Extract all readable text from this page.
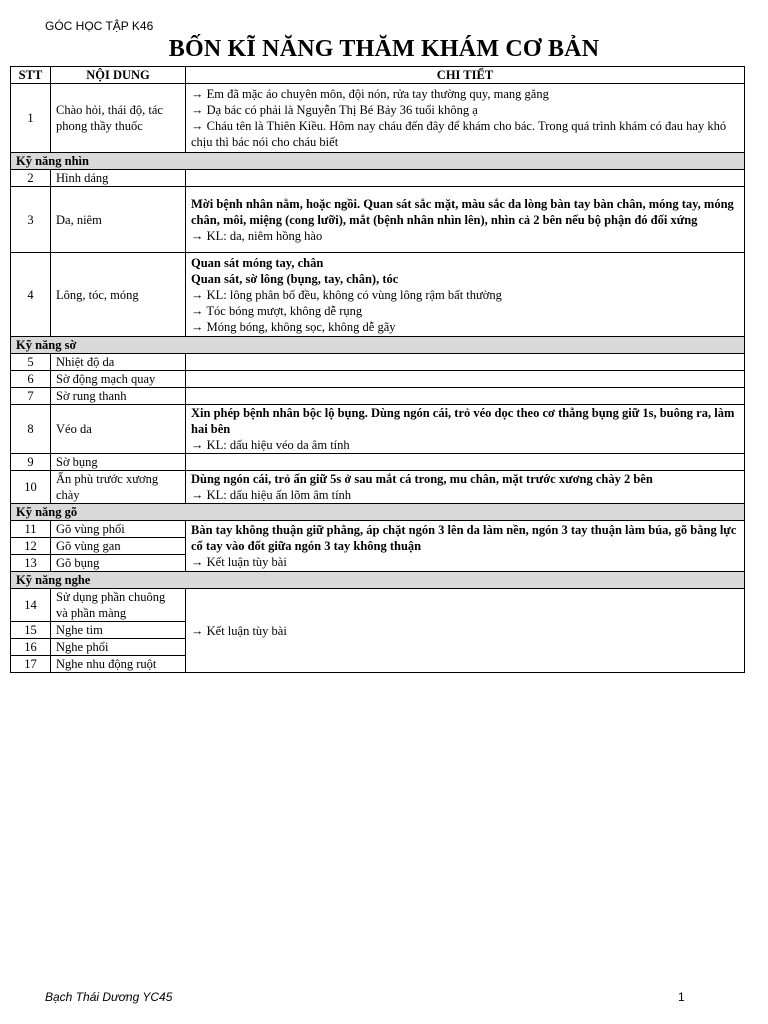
GÓC HỌC TẬP K46
BỐN KĨ NĂNG THĂM KHÁM CƠ BẢN
STT	NỘI DUNG	CHI TIẾT
1	Chào hỏi, thái độ, tác phong thầy thuốc	→ Em đã mặc áo chuyên môn, đội nón, rửa tay thường quy, mang găng
→ Dạ bác có phải là Nguyễn Thị Bé Bảy 36 tuổi không ạ
→ Cháu tên là Thiên Kiều. Hôm nay cháu đến đây để khám cho bác. Trong quá trình khám có đau hay khó chịu thì bác nói cho cháu biết

Kỹ năng nhìn		
2	Hình dáng	
3	Da, niêm	Mời bệnh nhân nằm, hoặc ngồi. Quan sát sắc mặt, màu sắc da lòng bàn tay bàn chân, móng tay, móng chân, môi, miệng (cong lưỡi), mắt (bệnh nhân nhìn lên), nhìn cả 2 bên nếu bộ phận đó đối xứng
→ KL: da, niêm hồng hào

4	Lông, tóc, móng	Quan sát móng tay, chân
Quan sát, sờ lông (bụng, tay, chân), tóc
→ KL: lông phân bố đều, không có vùng lông rậm bất thường
→ Tóc bóng mượt, không dễ rụng
→ Móng bóng, không sọc, không dễ gãy

Kỹ năng sờ		
5	Nhiệt độ da	
6	Sờ động mạch quay	
7	Sờ rung thanh	
8	Véo da	Xin phép bệnh nhân bộc lộ bụng. Dùng ngón cái, trỏ véo dọc theo cơ thẳng bụng giữ 1s, buông ra, làm hai bên
→ KL: dấu hiệu véo da âm tính

9	Sờ bụng	
10	Ấn phù trước xương chày	Dùng ngón cái, trỏ ấn giữ 5s ở sau mắt cá trong, mu chân, mặt trước xương chày 2 bên
→ KL: dấu hiệu ấn lõm âm tính

Kỹ năng gõ		
11	Gõ vùng phổi	Bàn tay không thuận giữ phẳng, áp chặt ngón 3 lên da làm nền, ngón 3 tay thuận làm búa, gõ bằng lực cổ tay vào đốt giữa ngón 3 tay không thuận
→ Kết luận tùy bài

12	Gõ vùng gan	
13	Gõ bụng	
Kỹ năng nghe		
14	Sử dụng phần chuông và phần màng	→ Kết luận tùy bài

15	Nghe tim	
16	Nghe phổi	
17	Nghe nhu động ruột	
Bạch Thái Dương YC45	1
